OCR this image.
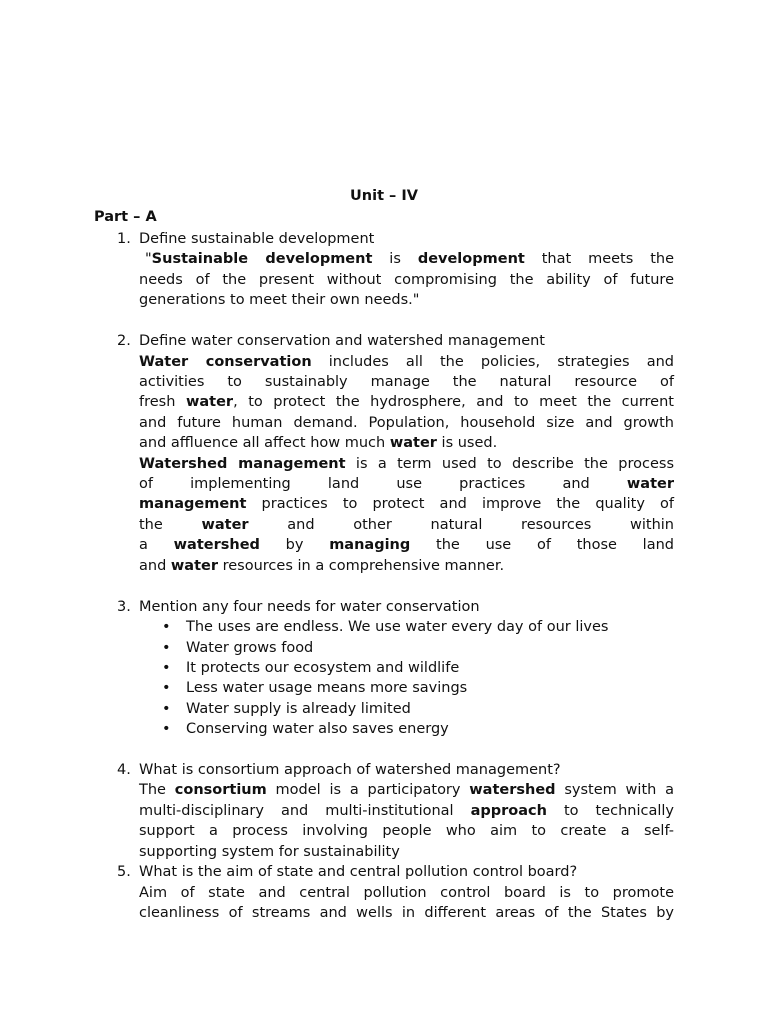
Unit – IV
Part – A
1. Define sustainable development
"Sustainable development is development that meets the
needs of the present without compromising the ability of future
generations to meet their own needs."
2. Define water conservation and watershed management
Water conservation includes all the policies, strategies and
activities to sustainably manage the natural resource of
fresh water, to protect the hydrosphere, and to meet the current
and future human demand. Population, household size and growth
and affluence all affect how much water is used.
Watershed management is a term used to describe the process
of implementing land use practices and water
management practices to protect and improve the quality of
the water and other natural resources within
a watershed by managing the use of those land
and water resources in a comprehensive manner.
3. Mention any four needs for water conservation
• The uses are endless. We use water every day of our lives
• Water grows food
• It protects our ecosystem and wildlife
• Less water usage means more savings
• Water supply is already limited
• Conserving water also saves energy
4. What is consortium approach of watershed management?
The consortium model is a participatory watershed system with a
multi-disciplinary and multi-institutional approach to technically
support a process involving people who aim to create a self-
supporting system for sustainability
5. What is the aim of state and central pollution control board?
Aim of state and central pollution control board is to promote
cleanliness of streams and wells in different areas of the States by
